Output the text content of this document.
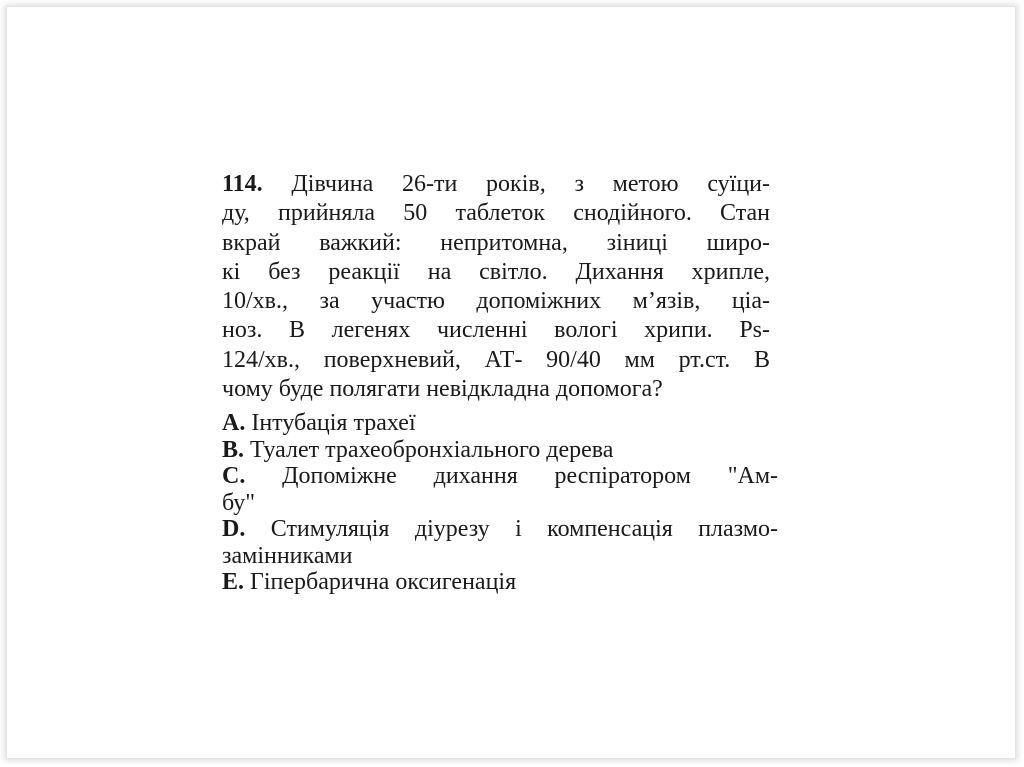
114. Дівчина 26-ти років, з метою суїци-
ду, прийняла 50 таблеток снодійного. Стан
вкрай важкий: непритомна, зіниці широ-
кі без реакції на світло. Дихання хрипле,
10/хв., за участю допоміжних м’язів, ціа-
ноз. В легенях численні вологі хрипи. Ps-
124/хв., поверхневий, АТ- 90/40 мм рт.ст. В
чому буде полягати невідкладна допомога?
A. Інтубація трахеї
B. Туалет трахеобронхіального дерева
C. Допоміжне дихання респіратором "Ам-
бу"
D. Стимуляція діурезу і компенсація плазмо-
замінниками
E. Гіпербарична оксигенація
